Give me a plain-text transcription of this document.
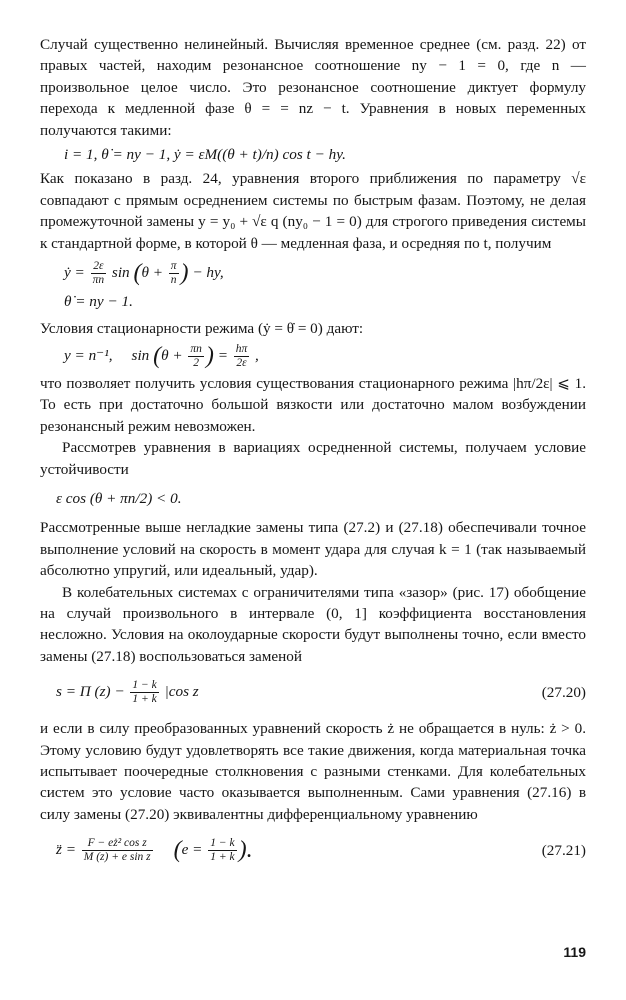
Случай существенно нелинейный. Вычисляя временное среднее (см. разд. 22) от правых частей, находим резонансное соотношение ny − 1 = 0, где n — произвольное целое число. Это резонансное соотношение диктует формулу перехода к медленной фазе θ = = nz − t. Уравнения в новых переменных получаются такими:

i = 1, θ̇ = ny − 1, ẏ = εM((θ + t)/n) cos t − hy.

Как показано в разд. 24, уравнения второго приближения по параметру √ε совпадают с прямым осреднением системы по быстрым фазам. Поэтому, не делая промежуточной замены y = y₀ + √ε q (ny₀ − 1 = 0) для строгого приведения системы к стандартной форме, в которой θ — медленная фаза, и осредняя по t, получим

ẏ = $\frac{2\varepsilon}{\pi n}$ $\sin (\theta + \frac{\pi}{n}$ ) − hy,
θ̇ = ny − 1.

Условия стационарности режима (ẏ = θ̇ = 0) дают:

y = n⁻¹, $\sin (\theta + \frac{\pi n}{2}$ ) = $\frac{h\pi}{2\varepsilon}$ ,

что позволяет получить условия существования стационарного режима |hπ/2ε| ⩽ 1. То есть при достаточно большой вязкости или достаточно малом возбуждении резонансный режим невозможен.

Рассмотрев уравнения в вариациях осредненной системы, получаем условие устойчивости

ε cos (θ + πn/2) < 0.

Рассмотренные выше негладкие замены типа (27.2) и (27.18) обеспечивали точное выполнение условий на скорость в момент удара для случая k = 1 (так называемый абсолютно упругий, или идеальный, удар).

В колебательных системах с ограничителями типа «зазор» (рис. 17) обобщение на случай произвольного в интервале (0, 1] коэффициента восстановления несложно. Условия на околоударные скорости будут выполнены точно, если вместо замены (27.18) воспользоваться заменой

s = Π $(z) - \frac{1 - k}{1 + k} |\cos$ z	(27.20)

и если в силу преобразованных уравнений скорость ż не обращается в нуль: ż > 0. Этому условию будут удовлетворять все такие движения, когда материальная точка испытывает поочередные столкновения с разными стенками. Для колебательных систем это условие часто оказывается выполненным. Сами уравнения (27.16) в силу замены (27.20) эквивалентны дифференциальному уравнению

z̈ = $\frac{\text{F − eż² cos z}}{\text{M (z) + e sin z}} (e = \frac{1 - k}{1 + k}$ ).	(27.21)
119
